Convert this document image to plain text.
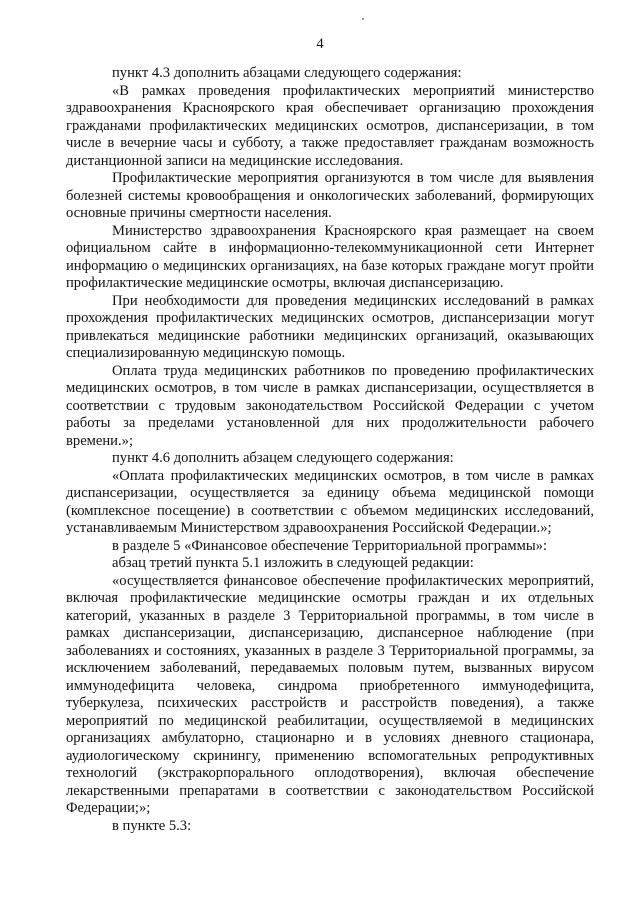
4

пункт 4.3 дополнить абзацами следующего содержания:

«В рамках проведения профилактических мероприятий министерство здравоохранения Красноярского края обеспечивает организацию прохождения гражданами профилактических медицинских осмотров, диспансеризации, в том числе в вечерние часы и субботу, а также предоставляет гражданам возможность дистанционной записи на медицинские исследования.

Профилактические мероприятия организуются в том числе для выявления болезней системы кровообращения и онкологических заболеваний, формирующих основные причины смертности населения.

Министерство здравоохранения Красноярского края размещает на своем официальном сайте в информационно-телекоммуникационной сети Интернет информацию о медицинских организациях, на базе которых граждане могут пройти профилактические медицинские осмотры, включая диспансеризацию.

При необходимости для проведения медицинских исследований в рамках прохождения профилактических медицинских осмотров, диспансеризации могут привлекаться медицинские работники медицинских организаций, оказывающих специализированную медицинскую помощь.

Оплата труда медицинских работников по проведению профилактических медицинских осмотров, в том числе в рамках диспансеризации, осуществляется в соответствии с трудовым законодательством Российской Федерации с учетом работы за пределами установленной для них продолжительности рабочего времени.»;

пункт 4.6 дополнить абзацем следующего содержания:

«Оплата профилактических медицинских осмотров, в том числе в рамках диспансеризации, осуществляется за единицу объема медицинской помощи (комплексное посещение) в соответствии с объемом медицинских исследований, устанавливаемым Министерством здравоохранения Российской Федерации.»;

в разделе 5 «Финансовое обеспечение Территориальной программы»:

абзац третий пункта 5.1 изложить в следующей редакции:

«осуществляется финансовое обеспечение профилактических мероприятий, включая профилактические медицинские осмотры граждан и их отдельных категорий, указанных в разделе 3 Территориальной программы, в том числе в рамках диспансеризации, диспансеризацию, диспансерное наблюдение (при заболеваниях и состояниях, указанных в разделе 3 Территориальной программы, за исключением заболеваний, передаваемых половым путем, вызванных вирусом иммунодефицита человека, синдрома приобретенного иммунодефицита, туберкулеза, психических расстройств и расстройств поведения), а также мероприятий по медицинской реабилитации, осуществляемой в медицинских организациях амбулаторно, стационарно и в условиях дневного стационара, аудиологическому скринингу, применению вспомогательных репродуктивных технологий (экстракорпорального оплодотворения), включая обеспечение лекарственными препаратами в соответствии с законодательством Российской Федерации;»;

в пункте 5.3:
